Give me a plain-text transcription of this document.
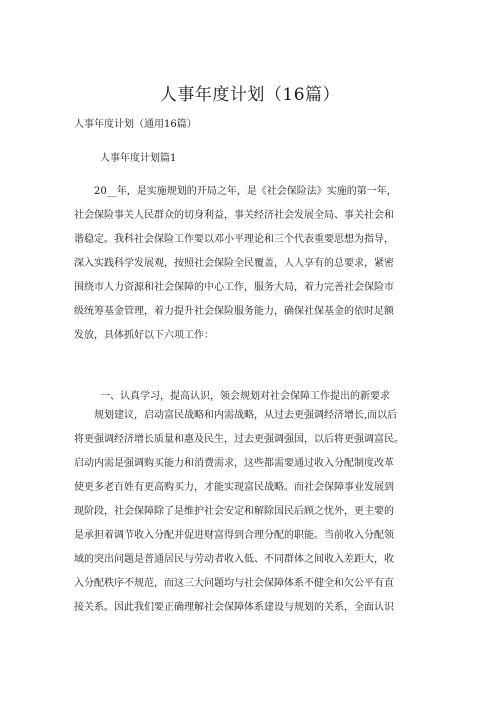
人事年度计划（16篇）
人事年度计划（通用16篇）
人事年度计划篇1
20__年，是实施规划的开局之年，是《社会保险法》实施的第一年，
社会保险事关人民群众的切身利益，事关经济社会发展全局、事关社会和
谐稳定。我科社会保险工作要以邓小平理论和三个代表重要思想为指导，
深入实践科学发展观，按照社会保险全民覆盖，人人享有的总要求，紧密
围绕市人力资源和社会保障的中心工作，服务大局，着力完善社会保险市
级统筹基金管理，着力提升社会保险服务能力，确保社保基金的依时足额
发放，具体抓好以下六项工作：
一、认真学习，提高认识，领会规划对社会保障工作提出的新要求
规划建议，启动富民战略和内需战略，从过去更强调经济增长,而以后
将更强调经济增长质量和惠及民生，过去更强调强国，以后将更强调富民。
启动内需是强调购买能力和消费需求，这些都需要通过收入分配制度改革
使更多老百姓有更高购买力，才能实现富民战略。而社会保障事业发展到
现阶段，社会保障除了是维护社会安定和解除国民后顾之忧外，更主要的
是承担着调节收入分配并促进财富得到合理分配的职能。当前收入分配领
域的突出问题是普通居民与劳动者收入低、不同群体之间收入差距大，收
入分配秩序不规范，而这三大问题均与社会保障体系不健全和欠公平有直
接关系。因此我们要正确理解社会保障体系建设与规划的关系，全面认识
